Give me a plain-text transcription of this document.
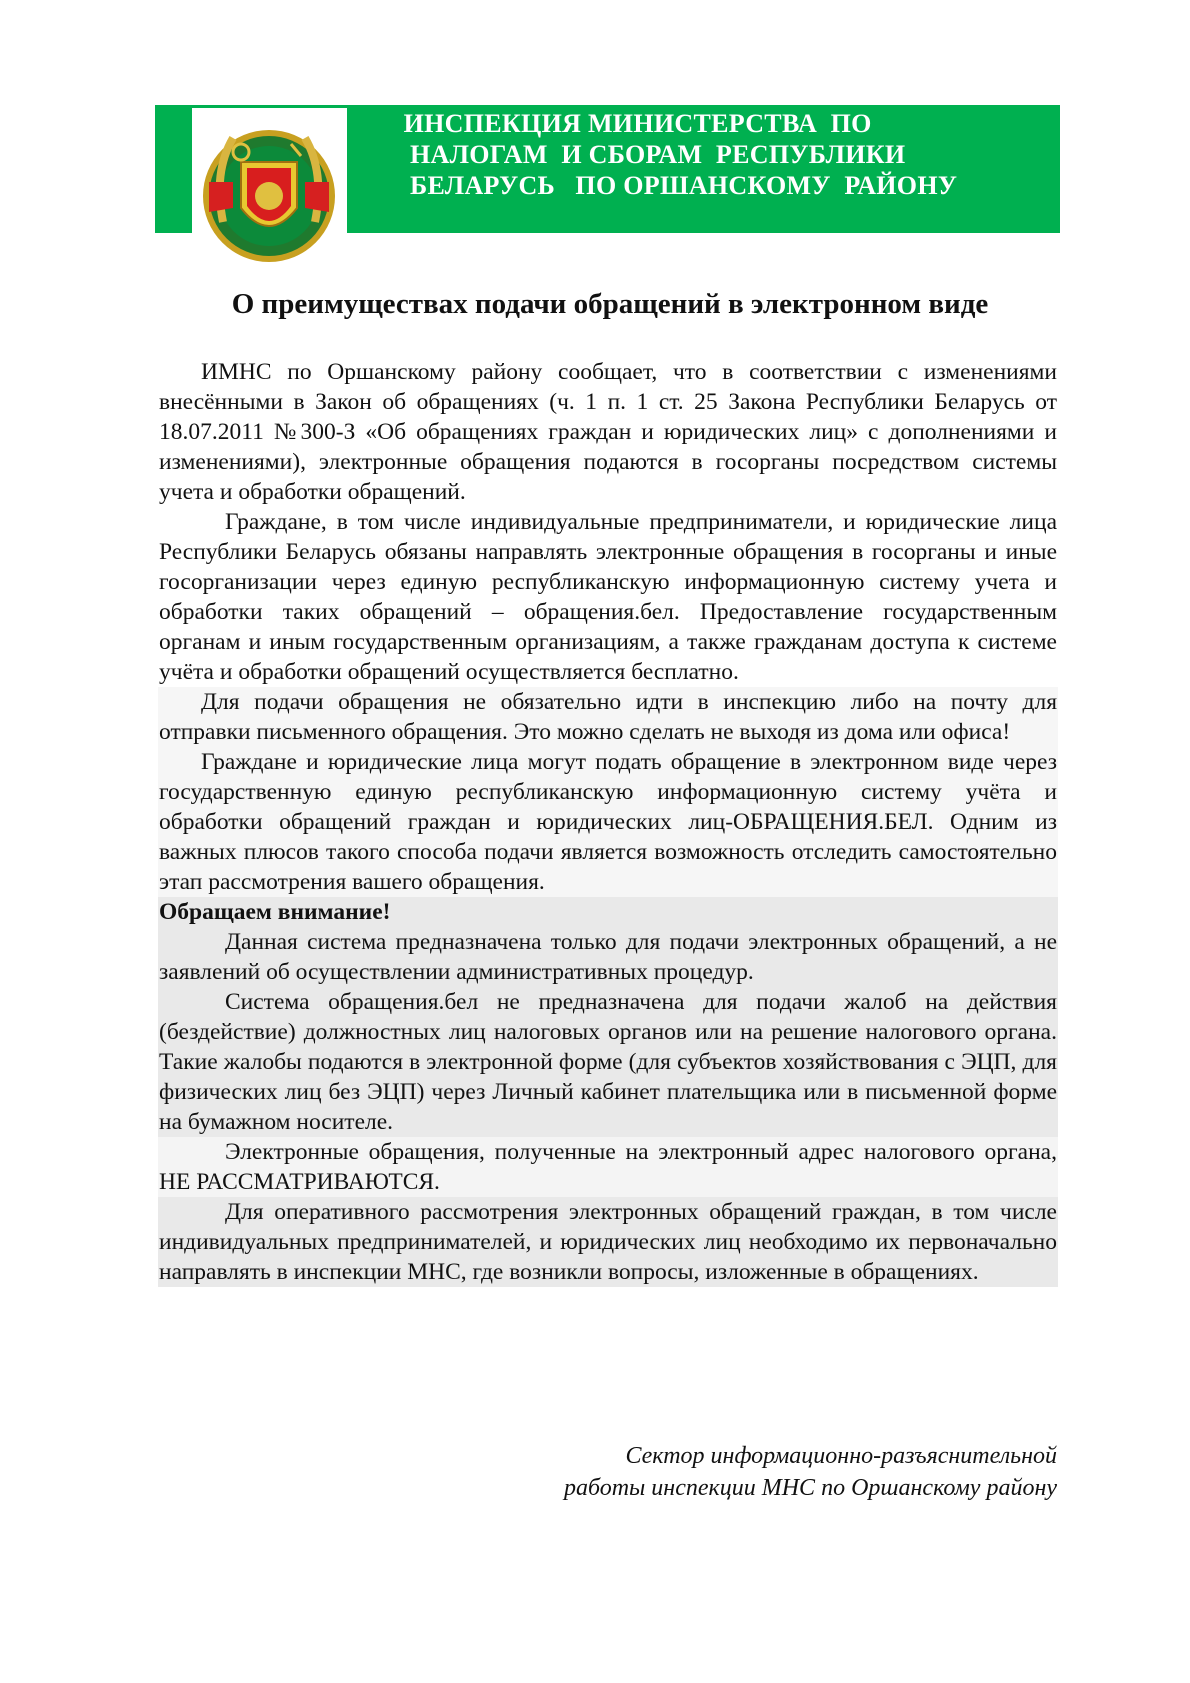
ИНСПЕКЦИЯ МИНИСТЕРСТВА  ПО
НАЛОГАМ  И СБОРАМ  РЕСПУБЛИКИ
БЕЛАРУСЬ   ПО ОРШАНСКОМУ  РАЙОНУ
О преимуществах подачи обращений в электронном виде

ИМНС по Оршанскому району сообщает, что в соответствии с изменениями внесёнными в Закон об обращениях (ч. 1 п. 1 ст. 25 Закона Республики Беларусь от 18.07.2011 №300-З «Об обращениях граждан и юридических лиц» с дополнениями и изменениями), электронные обращения подаются в госорганы посредством системы учета и обработки обращений.

Граждане, в том числе индивидуальные предприниматели, и юридические лица Республики Беларусь обязаны направлять электронные обращения в госорганы и иные госорганизации через единую республиканскую информационную систему учета и обработки таких обращений – обращения.бел. Предоставление государственным органам и иным государственным организациям, а также гражданам доступа к системе учёта и обработки обращений осуществляется бесплатно.

Для подачи обращения не обязательно идти в инспекцию либо на почту для отправки письменного обращения. Это можно сделать не выходя из дома или офиса!

Граждане и юридические лица могут подать обращение в электронном виде через государственную единую республиканскую информационную систему учёта и обработки обращений граждан и юридических лиц-ОБРАЩЕНИЯ.БЕЛ. Одним из важных плюсов такого способа подачи является возможность отследить самостоятельно этап рассмотрения вашего обращения.

Обращаем внимание!

Данная система предназначена только для подачи электронных обращений, а не заявлений об осуществлении административных процедур.

Система обращения.бел не предназначена для подачи жалоб на действия (бездействие) должностных лиц налоговых органов или на решение налогового органа. Такие жалобы подаются в электронной форме (для субъектов хозяйствования с ЭЦП, для физических лиц без ЭЦП) через Личный кабинет плательщика или в письменной форме на бумажном носителе.

Электронные обращения, полученные на электронный адрес налогового органа, НЕ РАССМАТРИВАЮТСЯ.

Для оперативного рассмотрения электронных обращений граждан, в том числе индивидуальных предпринимателей, и юридических лиц необходимо их первоначально направлять в инспекции МНС, где возникли вопросы, изложенные в обращениях.

Сектор информационно-разъяснительной
работы инспекции МНС по Оршанскому району
